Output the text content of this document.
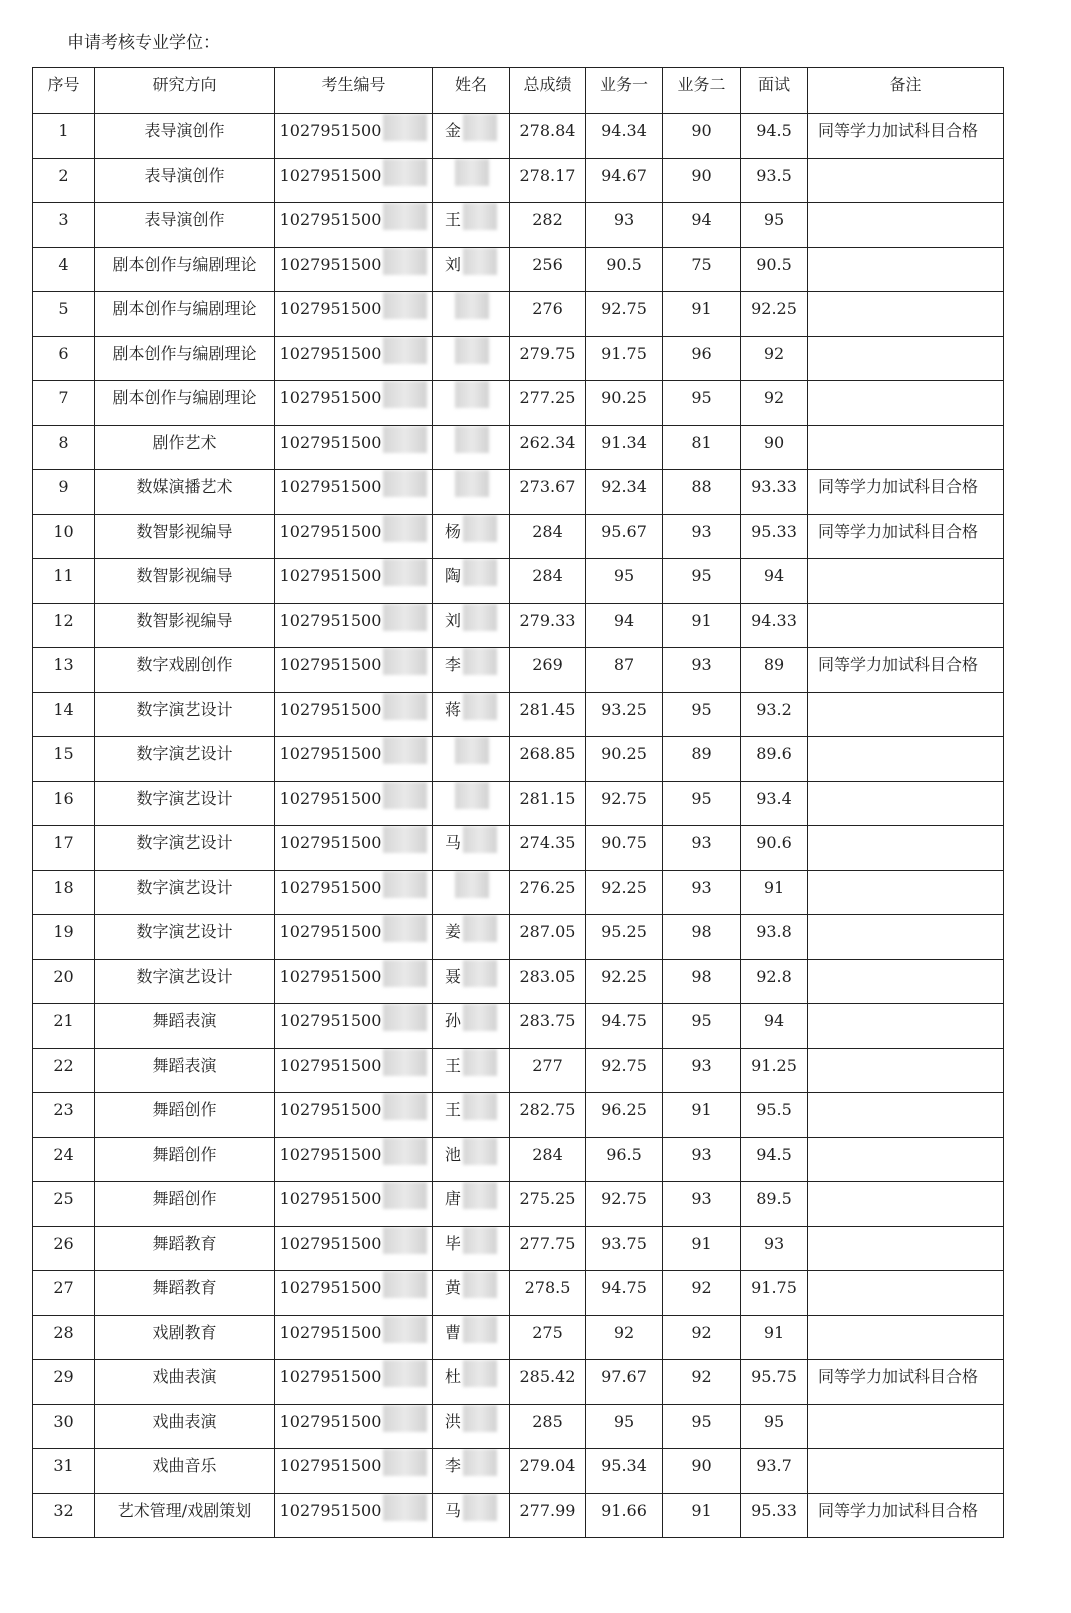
申请考核专业学位：
序号	研究方向	考生编号	姓名	总成绩	业务一	业务二	面试	备注
1	表导演创作	1027951500	金	278.84	94.34	90	94.5	同等学力加试科目合格
2	表导演创作	1027951500		278.17	94.67	90	93.5	
3	表导演创作	1027951500	王	282	93	94	95	
4	剧本创作与编剧理论	1027951500	刘	256	90.5	75	90.5	
5	剧本创作与编剧理论	1027951500		276	92.75	91	92.25	
6	剧本创作与编剧理论	1027951500		279.75	91.75	96	92	
7	剧本创作与编剧理论	1027951500		277.25	90.25	95	92	
8	剧作艺术	1027951500		262.34	91.34	81	90	
9	数媒演播艺术	1027951500		273.67	92.34	88	93.33	同等学力加试科目合格
10	数智影视编导	1027951500	杨	284	95.67	93	95.33	同等学力加试科目合格
11	数智影视编导	1027951500	陶	284	95	95	94	
12	数智影视编导	1027951500	刘	279.33	94	91	94.33	
13	数字戏剧创作	1027951500	李	269	87	93	89	同等学力加试科目合格
14	数字演艺设计	1027951500	蒋	281.45	93.25	95	93.2	
15	数字演艺设计	1027951500		268.85	90.25	89	89.6	
16	数字演艺设计	1027951500		281.15	92.75	95	93.4	
17	数字演艺设计	1027951500	马	274.35	90.75	93	90.6	
18	数字演艺设计	1027951500		276.25	92.25	93	91	
19	数字演艺设计	1027951500	姜	287.05	95.25	98	93.8	
20	数字演艺设计	1027951500	聂	283.05	92.25	98	92.8	
21	舞蹈表演	1027951500	孙	283.75	94.75	95	94	
22	舞蹈表演	1027951500	王	277	92.75	93	91.25	
23	舞蹈创作	1027951500	王	282.75	96.25	91	95.5	
24	舞蹈创作	1027951500	池	284	96.5	93	94.5	
25	舞蹈创作	1027951500	唐	275.25	92.75	93	89.5	
26	舞蹈教育	1027951500	毕	277.75	93.75	91	93	
27	舞蹈教育	1027951500	黄	278.5	94.75	92	91.75	
28	戏剧教育	1027951500	曹	275	92	92	91	
29	戏曲表演	1027951500	杜	285.42	97.67	92	95.75	同等学力加试科目合格
30	戏曲表演	1027951500	洪	285	95	95	95	
31	戏曲音乐	1027951500	李	279.04	95.34	90	93.7	
32	艺术管理/戏剧策划	1027951500	马	277.99	91.66	91	95.33	同等学力加试科目合格
